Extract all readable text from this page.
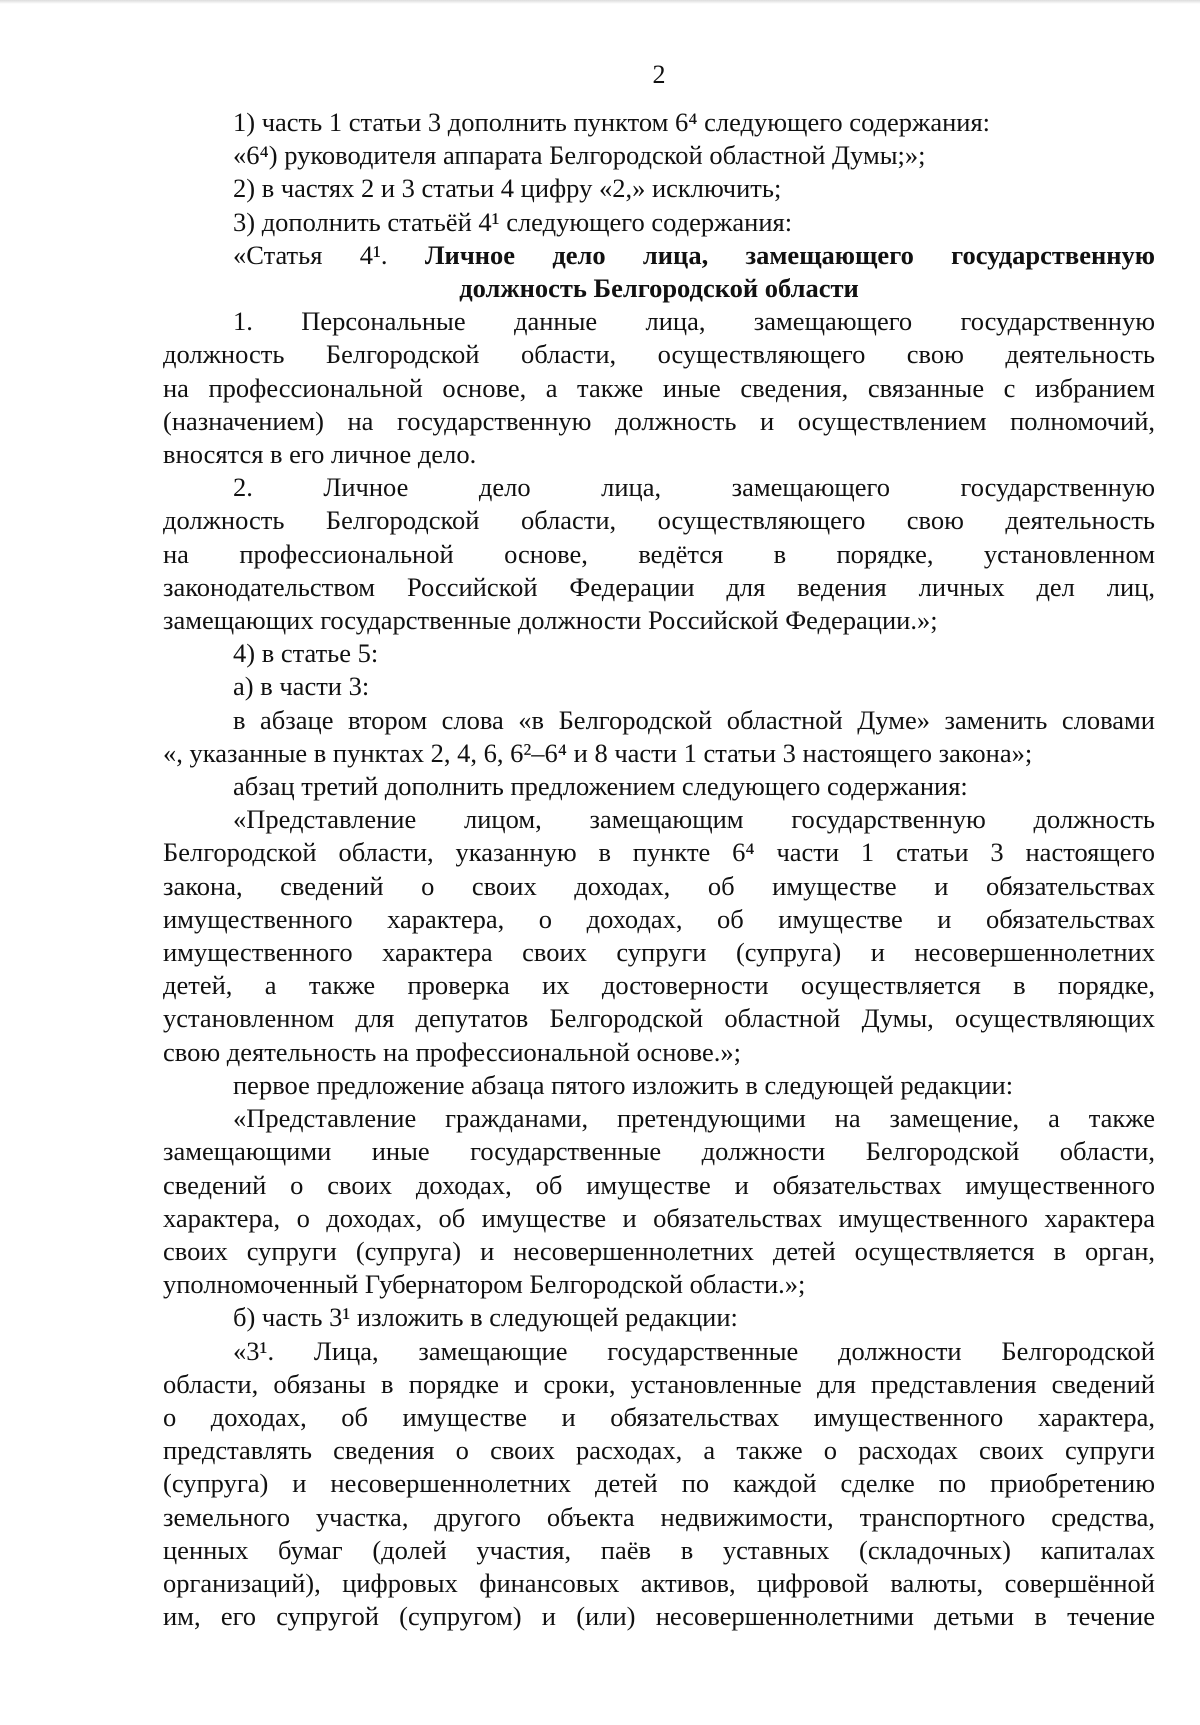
2
1) часть 1 статьи 3 дополнить пунктом 6⁴ следующего содержания:
«6⁴) руководителя аппарата Белгородской областной Думы;»;
2) в частях 2 и 3 статьи 4 цифру «2,» исключить;
3) дополнить статьёй 4¹ следующего содержания:
«Статья 4¹. Личное дело лица, замещающего государственную
должность Белгородской области
1. Персональные данные лица, замещающего государственную
должность Белгородской области, осуществляющего свою деятельность
на профессиональной основе, а также иные сведения, связанные с избранием
(назначением) на государственную должность и осуществлением полномочий,
вносятся в его личное дело.
2. Личное дело лица, замещающего государственную
должность Белгородской области, осуществляющего свою деятельность
на профессиональной основе, ведётся в порядке, установленном
законодательством Российской Федерации для ведения личных дел лиц,
замещающих государственные должности Российской Федерации.»;
4) в статье 5:
а) в части 3:
в абзаце втором слова «в Белгородской областной Думе» заменить словами
«, указанные в пунктах 2, 4, 6, 6²–6⁴ и 8 части 1 статьи 3 настоящего закона»;
абзац третий дополнить предложением следующего содержания:
«Представление лицом, замещающим государственную должность
Белгородской области, указанную в пункте 6⁴ части 1 статьи 3 настоящего
закона, сведений о своих доходах, об имуществе и обязательствах
имущественного характера, о доходах, об имуществе и обязательствах
имущественного характера своих супруги (супруга) и несовершеннолетних
детей, а также проверка их достоверности осуществляется в порядке,
установленном для депутатов Белгородской областной Думы, осуществляющих
свою деятельность на профессиональной основе.»;
первое предложение абзаца пятого изложить в следующей редакции:
«Представление гражданами, претендующими на замещение, а также
замещающими иные государственные должности Белгородской области,
сведений о своих доходах, об имуществе и обязательствах имущественного
характера, о доходах, об имуществе и обязательствах имущественного характера
своих супруги (супруга) и несовершеннолетних детей осуществляется в орган,
уполномоченный Губернатором Белгородской области.»;
б) часть 3¹ изложить в следующей редакции:
«3¹. Лица, замещающие государственные должности Белгородской
области, обязаны в порядке и сроки, установленные для представления сведений
о доходах, об имуществе и обязательствах имущественного характера,
представлять сведения о своих расходах, а также о расходах своих супруги
(супруга) и несовершеннолетних детей по каждой сделке по приобретению
земельного участка, другого объекта недвижимости, транспортного средства,
ценных бумаг (долей участия, паёв в уставных (складочных) капиталах
организаций), цифровых финансовых активов, цифровой валюты, совершённой
им, его супругой (супругом) и (или) несовершеннолетними детьми в течение
